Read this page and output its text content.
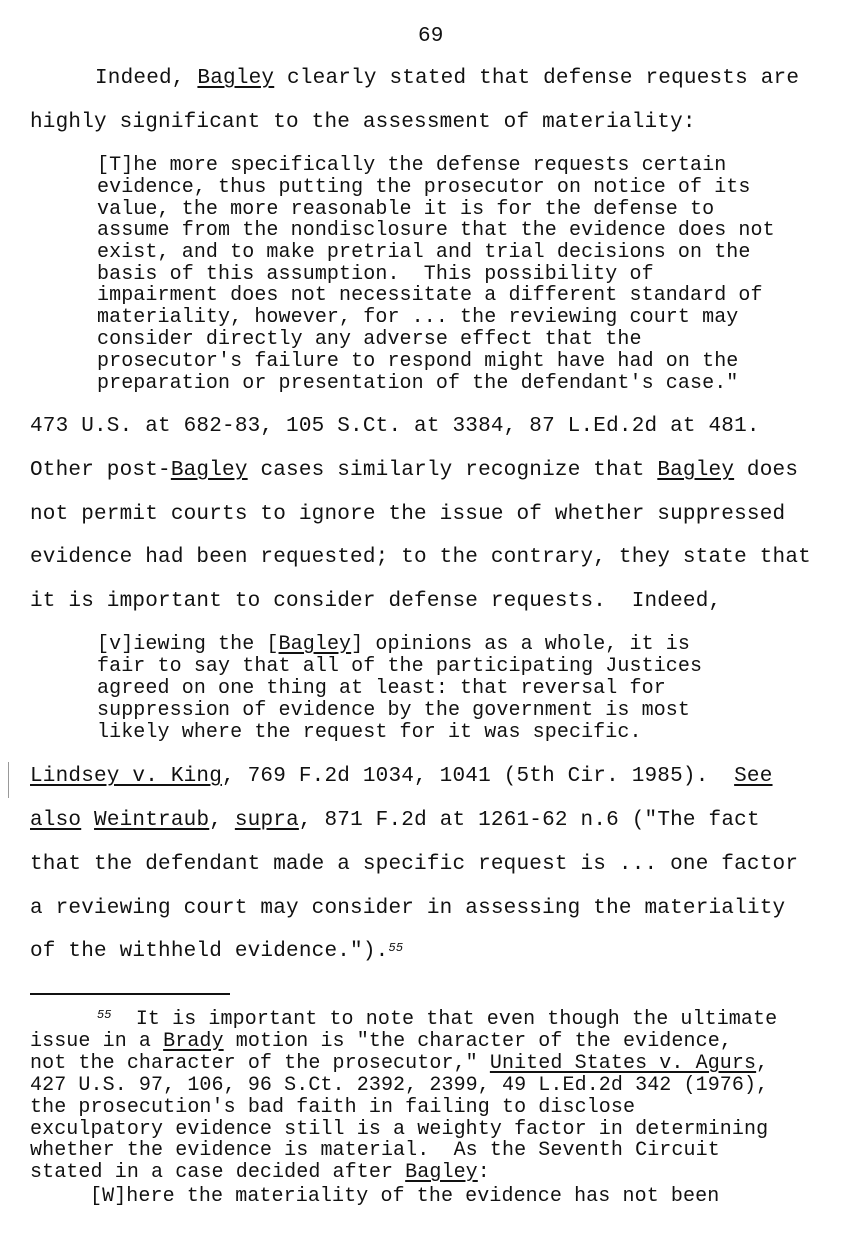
69
Indeed, Bagley clearly stated that defense requests are
highly significant to the assessment of materiality:
[T]he more specifically the defense requests certain
evidence, thus putting the prosecutor on notice of its
value, the more reasonable it is for the defense to
assume from the nondisclosure that the evidence does not
exist, and to make pretrial and trial decisions on the
basis of this assumption.  This possibility of
impairment does not necessitate a different standard of
materiality, however, for ... the reviewing court may
consider directly any adverse effect that the
prosecutor's failure to respond might have had on the
preparation or presentation of the defendant's case."
473 U.S. at 682-83, 105 S.Ct. at 3384, 87 L.Ed.2d at 481.
Other post-Bagley cases similarly recognize that Bagley does
not permit courts to ignore the issue of whether suppressed
evidence had been requested; to the contrary, they state that
it is important to consider defense requests.  Indeed,
[v]iewing the [Bagley] opinions as a whole, it is
fair to say that all of the participating Justices
agreed on one thing at least: that reversal for
suppression of evidence by the government is most
likely where the request for it was specific.
Lindsey v. King, 769 F.2d 1034, 1041 (5th Cir. 1985).  See
also Weintraub, supra, 871 F.2d at 1261-62 n.6 ("The fact
that the defendant made a specific request is ... one factor
a reviewing court may consider in assessing the materiality
of the withheld evidence.").$^{55}$
$^{55}$  It is important to note that even though the ultimate
issue in a Brady motion is "the character of the evidence,
not the character of the prosecutor," United States v. Agurs,
427 U.S. 97, 106, 96 S.Ct. 2392, 2399, 49 L.Ed.2d 342 (1976),
the prosecution's bad faith in failing to disclose
exculpatory evidence still is a weighty factor in determining
whether the evidence is material.  As the Seventh Circuit
stated in a case decided after Bagley:
[W]here the materiality of the evidence has not been
